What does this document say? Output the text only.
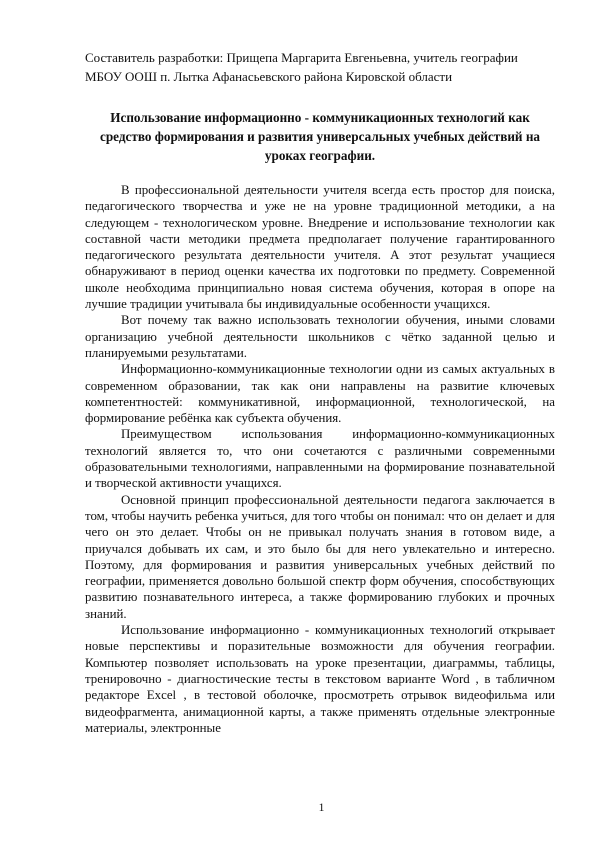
Составитель разработки: Прищепа Маргарита Евгеньевна, учитель географии МБОУ ООШ п. Лытка Афанасьевского района Кировской области

Использование информационно - коммуникационных технологий как средство формирования и развития универсальных учебных действий на уроках географии.

В профессиональной деятельности учителя всегда есть простор для поиска, педагогического творчества и уже не на уровне традиционной методики, а на следующем - технологическом уровне. Внедрение и использование технологии как составной части методики предмета предполагает получение гарантированного педагогического результата деятельности учителя. А этот результат учащиеся обнаруживают в период оценки качества их подготовки по предмету. Современной школе необходима принципиально новая система обучения, которая в опоре на лучшие традиции учитывала бы индивидуальные особенности учащихся.

Вот почему так важно использовать технологии обучения, иными словами организацию учебной деятельности школьников с чётко заданной целью и планируемыми результатами.

Информационно-коммуникационные технологии одни из самых актуальных в современном образовании, так как они направлены на развитие ключевых компетентностей: коммуникативной, информационной, технологической, на формирование ребёнка как субъекта обучения.

Преимуществом использования информационно-коммуникационных технологий является то, что они сочетаются с различными современными образовательными технологиями, направленными на формирование познавательной и творческой активности учащихся.

Основной принцип профессиональной деятельности педагога заключается в том, чтобы научить ребенка учиться, для того чтобы он понимал: что он делает и для чего он это делает. Чтобы он не привыкал получать знания в готовом виде, а приучался добывать их сам, и это было бы для него увлекательно и интересно. Поэтому, для формирования и развития универсальных учебных действий по географии, применяется довольно большой спектр форм обучения, способствующих развитию познавательного интереса, а также формированию глубоких и прочных знаний.

Использование информационно - коммуникационных технологий открывает новые перспективы и поразительные возможности для обучения географии. Компьютер позволяет использовать на уроке презентации, диаграммы, таблицы, тренировочно - диагностические тесты в текстовом варианте Word , в табличном редакторе Excel , в тестовой оболочке, просмотреть отрывок видеофильма или видеофрагмента, анимационной карты, а также применять отдельные электронные материалы, электронные

1
